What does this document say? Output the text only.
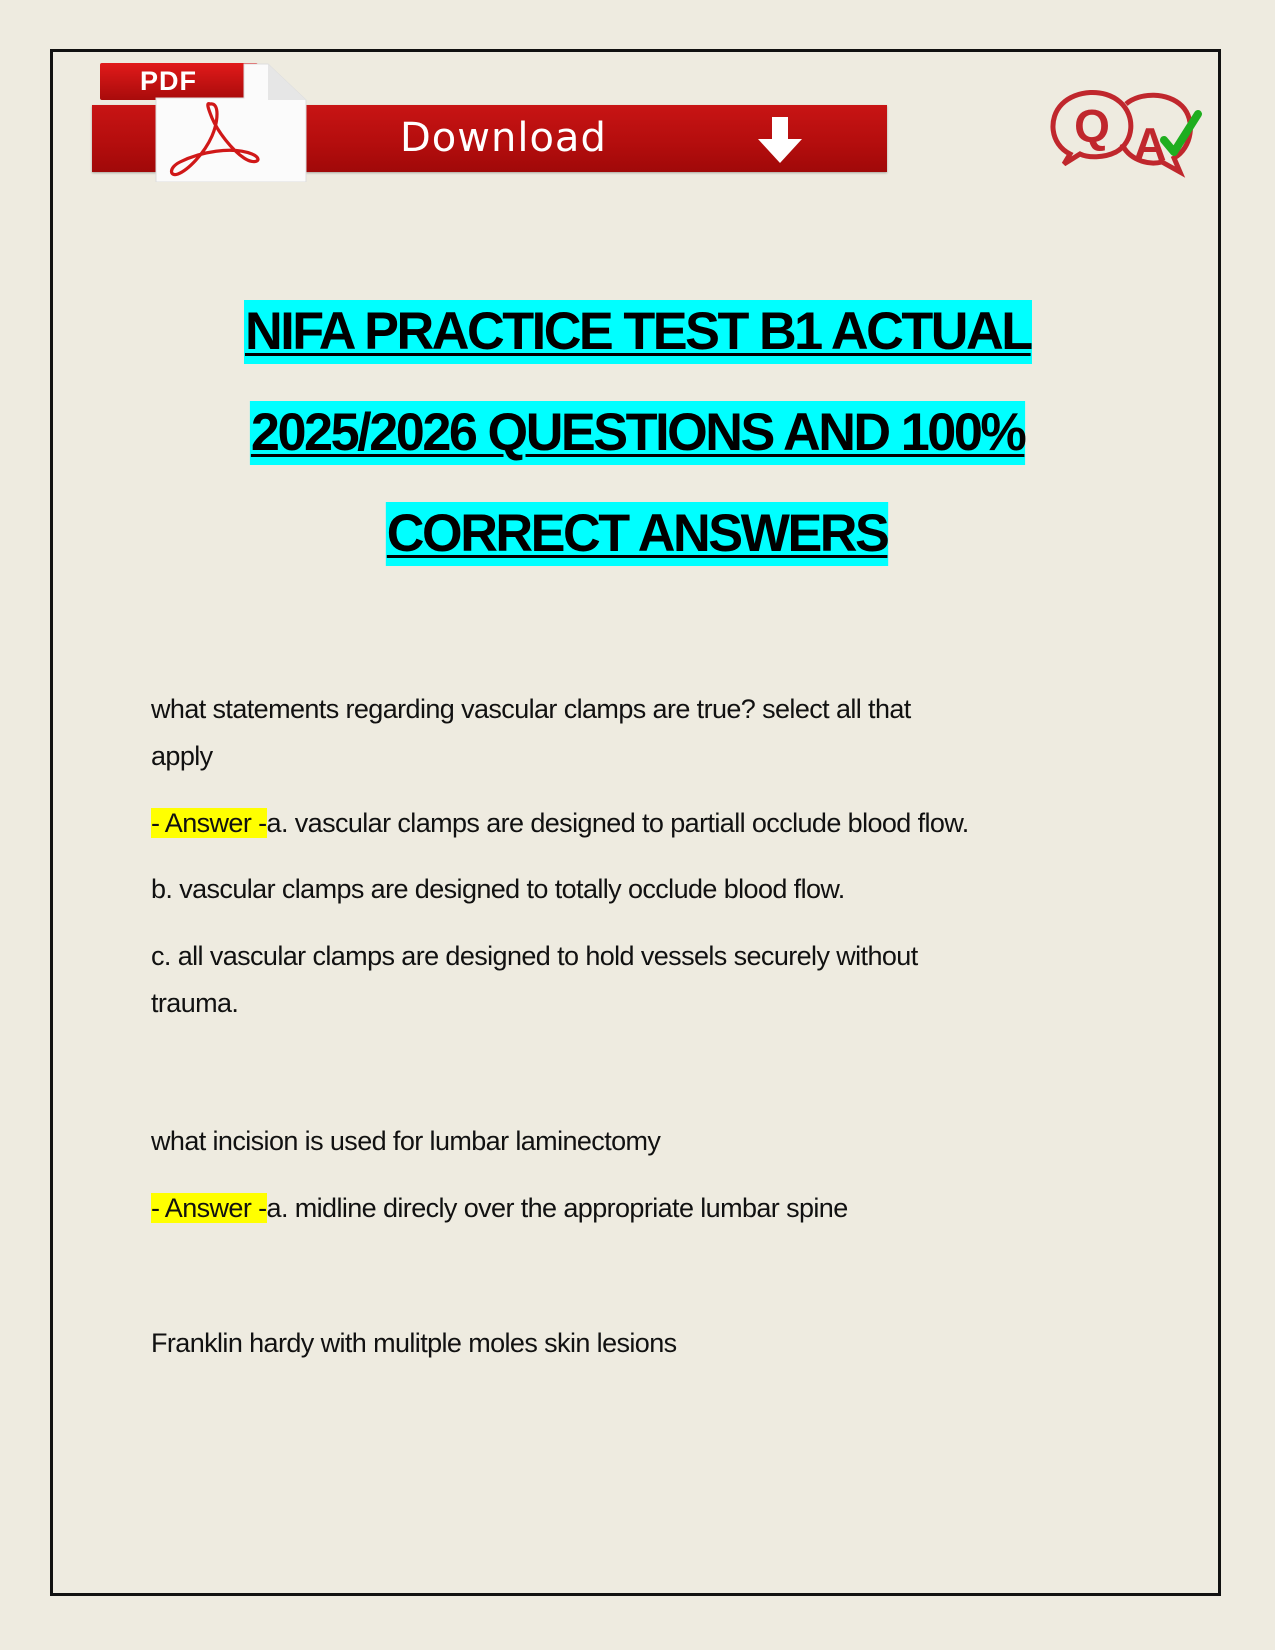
PDF
Download	Q A
NIFA PRACTICE TEST B1 ACTUAL
2025/2026 QUESTIONS AND 100%
CORRECT ANSWERS
what statements regarding vascular clamps are true? select all that
apply
- Answer -a. vascular clamps are designed to partiall occlude blood flow.
b. vascular clamps are designed to totally occlude blood flow.
c. all vascular clamps are designed to hold vessels securely without
trauma.
what incision is used for lumbar laminectomy
- Answer -a. midline direcly over the appropriate lumbar spine
Franklin hardy with mulitple moles skin lesions
